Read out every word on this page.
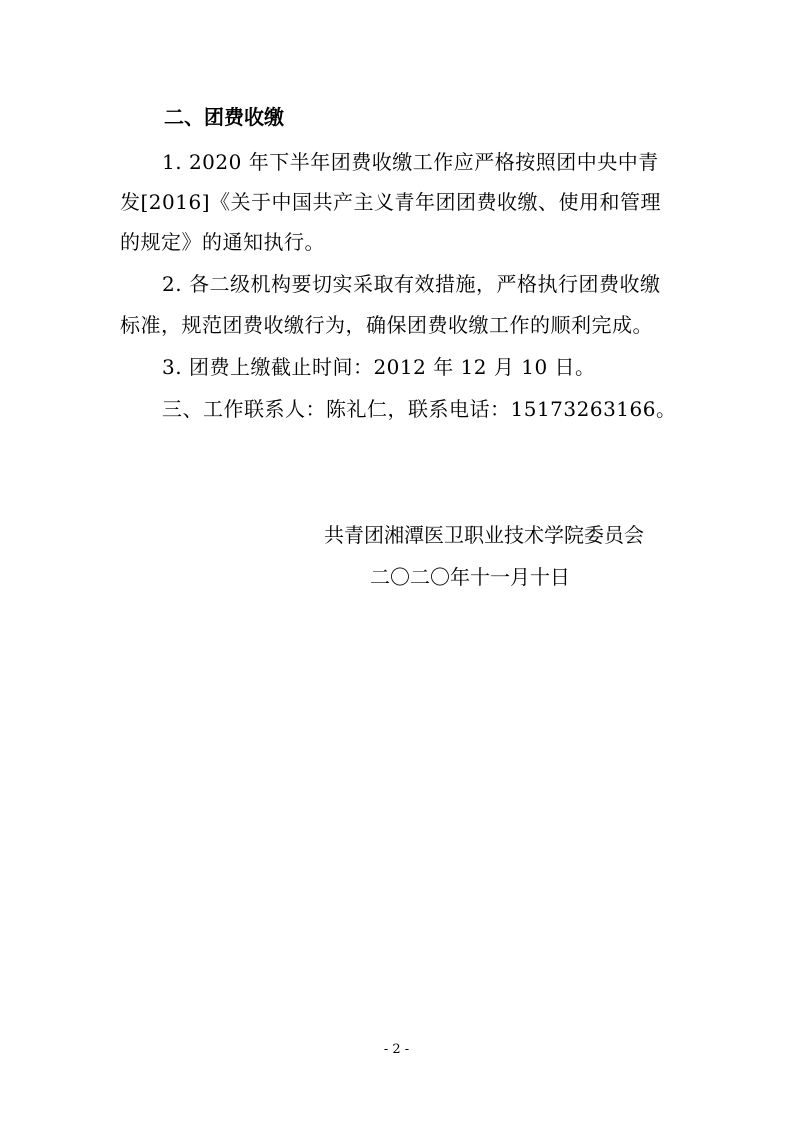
二、团费收缴
1. 2020 年下半年团费收缴工作应严格按照团中央中青
发[2016]《关于中国共产主义青年团团费收缴、使用和管理
的规定》的通知执行。
2. 各二级机构要切实采取有效措施，严格执行团费收缴
标准，规范团费收缴行为，确保团费收缴工作的顺利完成。
3. 团费上缴截止时间：2012 年 12 月 10 日。
三、工作联系人：陈礼仁，联系电话：15173263166。
共青团湘潭医卫职业技术学院委员会
二〇二〇年十一月十日
- 2 -
